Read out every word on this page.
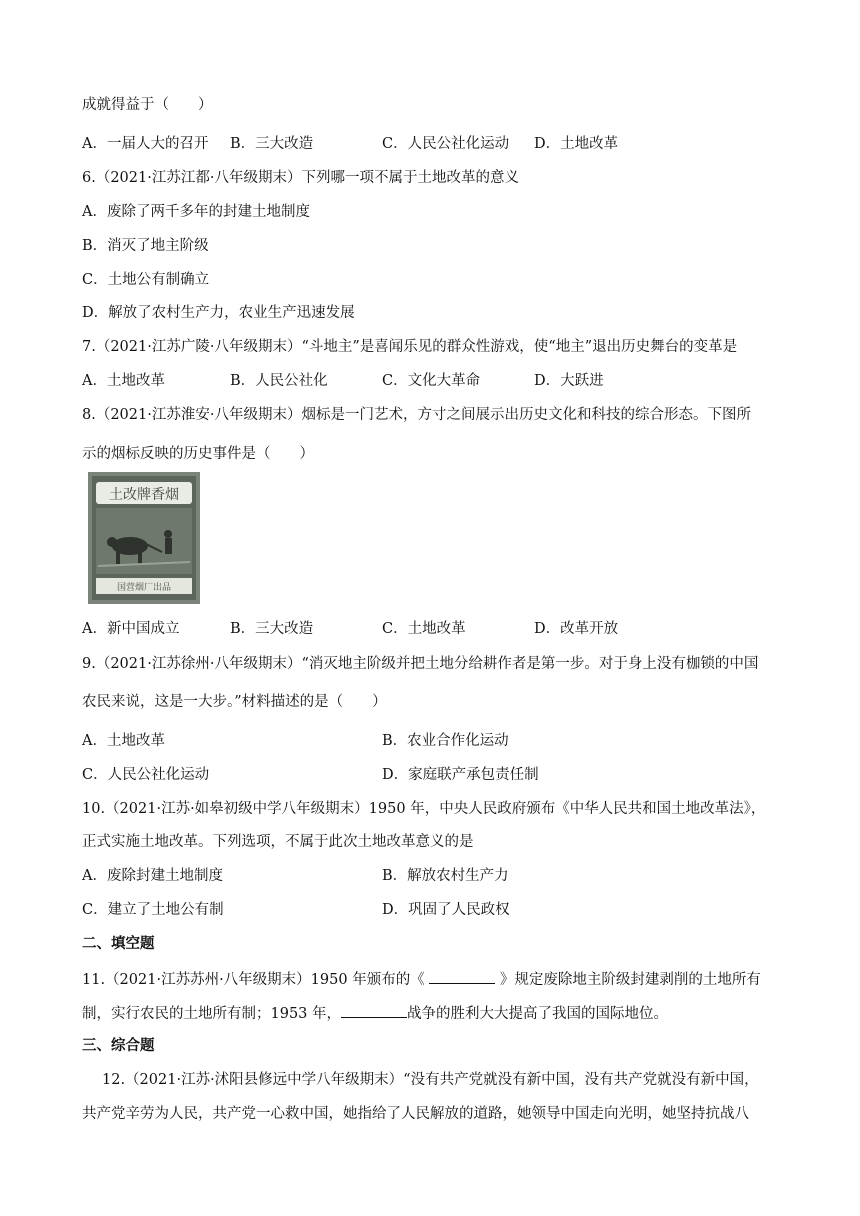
成就得益于（　　）
A．一届人大的召开 B．三大改造	C．人民公社化运动 D．土地改革
6.（2021·江苏江都·八年级期末）下列哪一项不属于土地改革的意义
A．废除了两千多年的封建土地制度
B．消灭了地主阶级
C．土地公有制确立
D．解放了农村生产力，农业生产迅速发展
7.（2021·江苏广陵·八年级期末）“斗地主”是喜闻乐见的群众性游戏，使“地主”退出历史舞台的变革是
A．土地改革	B．人民公社化	C．文化大革命	D．大跃进
8.（2021·江苏淮安·八年级期末）烟标是一门艺术，方寸之间展示出历史文化和科技的综合形态。下图所
示的烟标反映的历史事件是（　　）
土改牌香烟
国营烟厂出品
A．新中国成立	B．三大改造	C．土地改革	D．改革开放
9.（2021·江苏徐州·八年级期末）“消灭地主阶级并把土地分给耕作者是第一步。对于身上没有枷锁的中国
农民来说，这是一大步。”材料描述的是（　　）
A．土地改革	B．农业合作化运动
C．人民公社化运动	D．家庭联产承包责任制
10.（2021·江苏·如皋初级中学八年级期末）1950 年，中央人民政府颁布《中华人民共和国土地改革法》，
正式实施土地改革。下列选项，不属于此次土地改革意义的是
A．废除封建土地制度	B．解放农村生产力
C．建立了土地公有制	D．巩固了人民政权
二、填空题
11.（2021·江苏苏州·八年级期末）1950 年颁布的《	》规定废除地主阶级封建剥削的土地所有
制，实行农民的土地所有制；1953 年，	战争的胜利大大提高了我国的国际地位。
三、综合题
12.（2021·江苏·沭阳县修远中学八年级期末）“没有共产党就没有新中国，没有共产党就没有新中国，
共产党辛劳为人民，共产党一心救中国，她指给了人民解放的道路，她领导中国走向光明，她坚持抗战八
